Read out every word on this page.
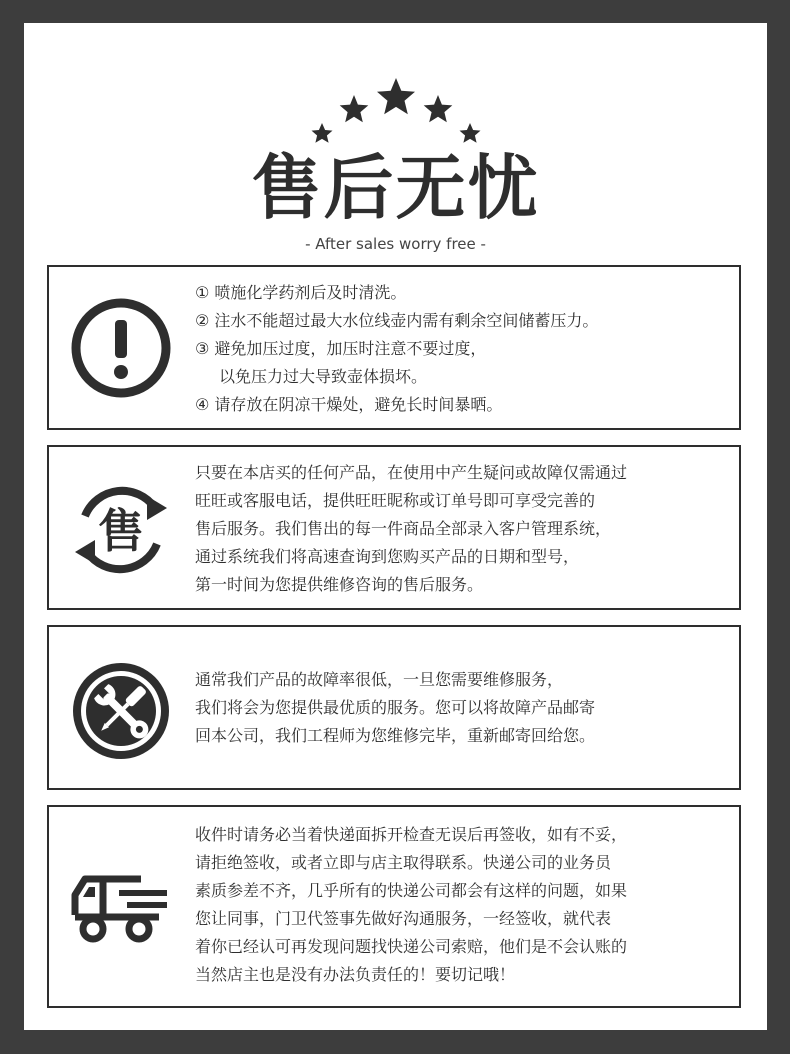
售后无忧
- After sales worry free -

① 喷施化学药剂后及时清洗。

② 注水不能超过最大水位线壶内需有剩余空间储蓄压力。

③ 避免加压过度，加压时注意不要过度，

以免压力过大导致壶体损坏。

④ 请存放在阴凉干燥处，避免长时间暴晒。

售

只要在本店买的任何产品，在使用中产生疑问或故障仅需通过

旺旺或客服电话，提供旺旺昵称或订单号即可享受完善的

售后服务。我们售出的每一件商品全部录入客户管理系统，

通过系统我们将高速查询到您购买产品的日期和型号，

第一时间为您提供维修咨询的售后服务。

通常我们产品的故障率很低，一旦您需要维修服务，

我们将会为您提供最优质的服务。您可以将故障产品邮寄

回本公司，我们工程师为您维修完毕，重新邮寄回给您。

收件时请务必当着快递面拆开检查无误后再签收，如有不妥，

请拒绝签收，或者立即与店主取得联系。快递公司的业务员

素质参差不齐，几乎所有的快递公司都会有这样的问题，如果

您让同事，门卫代签事先做好沟通服务，一经签收，就代表

着你已经认可再发现问题找快递公司索赔，他们是不会认账的

当然店主也是没有办法负责任的！要切记哦！
